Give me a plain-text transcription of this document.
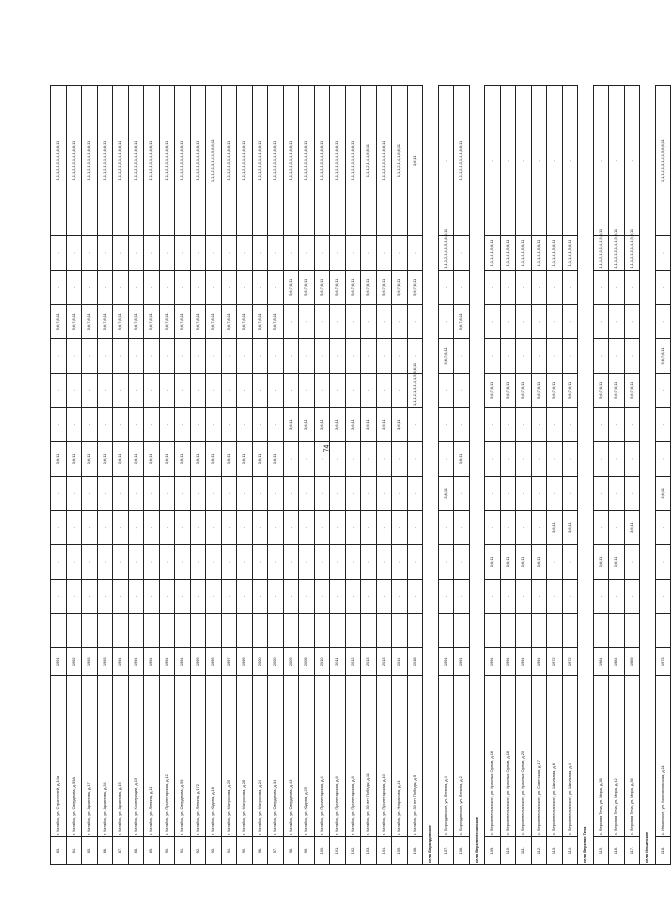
74
83.	г. Катайск, ул. Строителей, д.14а	1991		-	-	-	-	3;6;11	-	-	-	5;6;7;8;11	-	-	1,1,1,2,1,3,1,4,1,6;8;11
84.	г. Катайск, ул. Свердлова, д.59А	1992		-	-	-	-	3;6;11	-	-	-	5;6;7;8;11	-	-	1,1,1,2,1,3,1,4,1,6;8;11
85.	г. Катайск, ул. Архипова, д.17	1993		-	-	-	-	3;6;11	-	-	-	5;6;7;8;11	-	-	1,1,1,2,1,3,1,4,1,6;8;11
86.	г. Катайск, ул. Архипова, д.34	1993		-	-	-	-	3;6;11	-	-	-	5;6;7;8;11	-	-	1,1,1,2,1,3,1,4,1,6;8;11
87.	г. Катайск, ул. Архипова, д.15	1994		-	-	-	-	3;6;11	-	-	-	5;6;7;8;11	-	-	1,1,1,2,1,3,1,4,1,6;8;11
88.	г. Катайск, ул. Кооперации, д.15	1994		-	-	-	-	3;6;11	-	-	-	5;6;7;8;11	-	-	1,1,1,2,1,3,1,4,1,6;8;11
89.	г. Катайск, ул. Ленина, д.11	1994		-	-	-	-	3;6;11	-	-	-	5;6;7;8;11	-	-	1,1,1,2,1,3,1,4,1,6;8;11
90.	г. Катайск, ул. Пролетарская, д.12	1994		-	-	-	-	3;6;11	-	-	-	5;6;7;8;11	-	-	1,1,1,2,1,3,1,4,1,6;8;11
91.	г. Катайск, ул. Свердлова, д.59	1994		-	-	-	-	3;6;11	-	-	-	5;6;7;8;11	-	-	1,1,1,2,1,3,1,4,1,6;8;11
92.	г. Катайск, ул. Ленина, д.172	1995		-	-	-	-	3;6;11	-	-	-	5;6;7;8;11	-	-	1,1,1,2,1,3,1,4,1,6;8;11
93.	г. Катайск, ул. Юдина, д.18	1995		-	-	-	-	3;6;11	-	-	-	5;6;7;8;11	-	-	1,1,1,2,1,3,1,4,1,5,6;8;11
94.	г. Катайск, ул. Матросова, д.20	1997		-	-	-	-	3;6;11	-	-	-	5;6;7;8;11	-	-	1,1,1,2,1,3,1,4,1,6;8;11
95.	г. Катайск, ул. Матросова, д.28	1999		-	-	-	-	3;6;11	-	-	-	5;6;7;8;11	-	-	1,1,1,2,1,3,1,4,1,6;8;11
96.	г. Катайск, ул. Матросова, д.24	2000		-	-	-	-	3;6;11	-	-	-	5;6;7;8;11	-	-	1,1,1,2,1,3,1,4,1,6;8;11
97.	г. Катайск, ул. Свердлова, д.34	2000		-	-	-	-	3;6;11	-	-	-	5;6;7;8;11	-	-	1,1,1,2,1,3,1,4,1,6;8;11
98.	г. Катайск, ул. Свердлова, д.43	2005		-	-	-	-	-	3;6;11	-	-	-	5;6;7;8;11	-	1,1,1,2,1,3,1,4,1,6;8;11
99.	г. Катайск, ул. Юдина, д.25	2008		-	-	-	-	-	3;6;11	-	-	-	5;6;7;8;11	-	1,1,1,2,1,3,1,4,1,6;8;11
100.	г. Катайск, ул. Пролетарская, д.4	2010		-	-	-	-	-	3;6;11	-	-	-	5;6;7;8;11	-	1,1,1,2,1,3,1,4,1,6;8;11
101.	г. Катайск, ул. Пролетарская, д.6	2011		-	-	-	-	-	3;6;11	-	-	-	5;6;7;8;11	-	1,1,1,2,1,3,1,4,1,6;8;11
102.	г. Катайск, ул. Пролетарская, д.8	2012		-	-	-	-	-	3;6;11	-	-	-	5;6;7;8;11	-	1,1,1,2,1,3,1,4,1,6;8;11
103.	г. Катайск, ул. 30 лет Победы, д.11	2013		-	-	-	-	-	3;6;11	-	-	-	5;6;7;8;11	-	1,1,1,2,1,4,1,6;8;11
104.	г. Катайск, ул. Пролетарская, д.10	2013		-	-	-	-	-	3;6;11	-	-	-	5;6;7;8;11	-	1,1,1,2,1,3,1,4,1,6;8;11
105.	г. Катайск, ул. Некрасова, д.41	2014		-	-	-	-	-	3;6;11	-	-	-	5;6;7;8;11	-	1,1,1,2,1,4,1,6;8;11
106.	г. Катайск, ул. 30 лет Победы, д.9	2018		-	-	-	-	-	-	1,1,1,2,1,3,1,4,1,5;6;8;11	-	-	5;6;7;8;11	-	3;6;11
село Бороздинское															
107.	с. Бороздинское, ул. Ленина, д.4	1991		-	-	-	3;6;11	-	-	-	5;6;7;8;11	-	-	1,1,1,2,1,4,1,5,1,6;8;11	-
108.	с. Бороздинское, ул. Ленина, д.2	1991		-	-	-	-	3;6;11	-	-	-	5;6;7;8;11	-	-	1,1,1,2,1,3,1,4,1,6;8;11
село Верхнепесчанское															
109.	с. Верхнепесчанское, ул. Красных Орлов, д.16	1994		-	3;6;11	-	-	-	-	5;6;7;8;11	-	-	-	1,1,1,4,1,5;8;11	-
110.	с. Верхнепесчанское, ул. Красных Орлов, д.18	1994		-	3;6;11	-	-	-	-	5;6;7;8;11	-	-	-	1,1,1,4,1,5;8;11	-
111.	с. Верхнепесчанское, ул. Красных Орлов, д.20	1994		-	3;6;11	-	-	-	-	5;6;7;8;11	-	-	-	1,1,1,4,1,5;8;11	-
112.	с. Верхнепесчанское, ул. Советская, д.17	1994		-	3;6;11	-	-	-	-	5;6;7;8;11	-	-	-	1,1,1,4,1,5;8;11	-
113.	с. Верхнепесчанское, ул. Школьная, д.6	1972		-	-	3;6;11	-	-	-	5;6;7;8;11	-	-	-	1,1,1,4,1,5;8;11	-
114.	с. Верхнепесчанское, ул. Школьная, д.4	1972		-	-	3;6;11	-	-	-	5;6;7;8;11	-	-	-	1,1,1,4,1,5;8;11	-
село Верхняя Теча															
115.	с. Верхняя Теча, ул. Мира, д.38	1984		-	3;6;11	-	-	-	-	5;6;7;8;11	-	-	-	1,1,1,2,1,3,1,4,1,5;6;11	-
116.	с. Верхняя Теча, ул. Мира, д.42	1984		-	3;6;11	-	-	-	-	5;6;7;8;11	-	-	-	1,1,1,2,1,3,1,4,1,5;6;11	-
117.	с. Верхняя Теча, ул. Мира, д.36	1989		-	-	3;6;11	-	-	-	5;6;7;8;11	-	-	-	1,1,1,2,1,3,1,4,1,5;6;11	-
село Ильинское															
118.	с. Ильинское, ул. Комсомольская, д.11	1973		-	-	-	3;6;11	-	-	-	5;6;7;8;11	-	-	-	1,1,1,2,1,3,1,4,1,5;6;8;11
